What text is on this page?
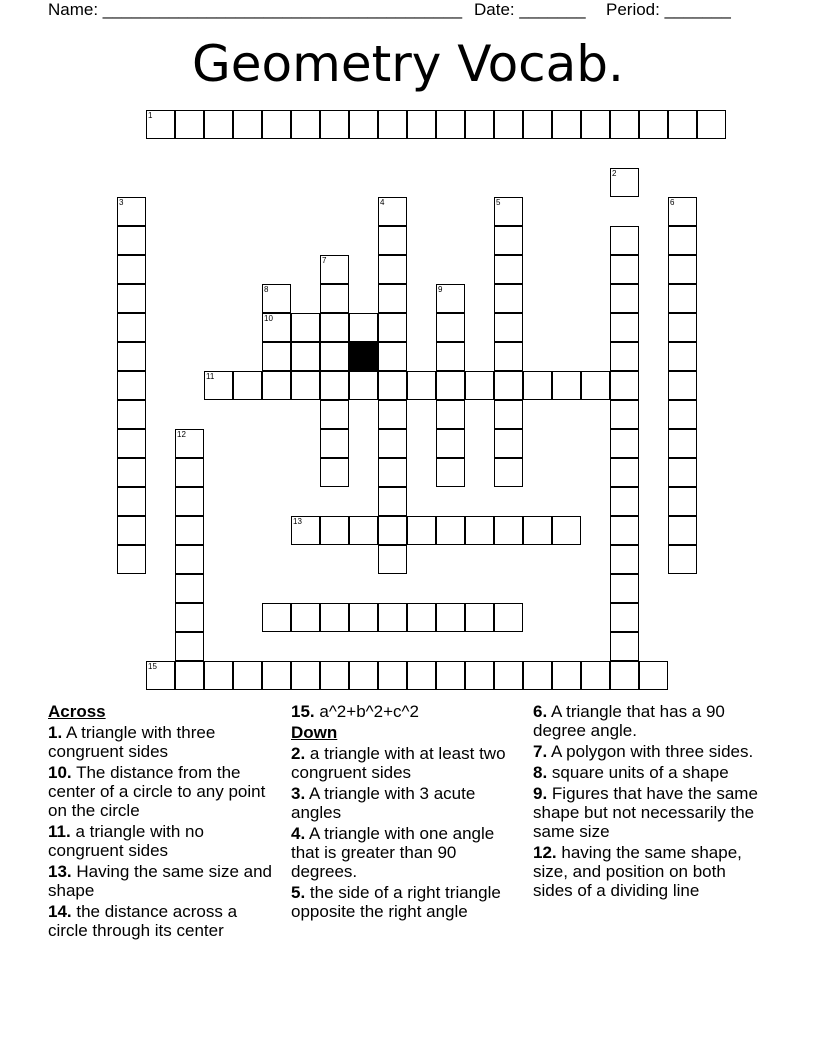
Name: ______________________________________ Date: _______ Period: _______
Geometry Vocab.
1
2
3	4	5	6
7
8	9
10
11
12
13
15
Across
1. A triangle with three congruent sides
10. The distance from the center of a circle to any point on the circle
11. a triangle with no congruent sides
13. Having the same size and shape
14. the distance across a circle through its center
15. a^2+b^2+c^2
Down
2. a triangle with at least two congruent sides
3. A triangle with 3 acute angles
4. A triangle with one angle that is greater than 90 degrees.
5. the side of a right triangle opposite the right angle
6. A triangle that has a 90 degree angle.
7. A polygon with three sides.
8. square units of a shape
9. Figures that have the same shape but not necessarily the same size
12. having the same shape, size, and position on both sides of a dividing line
